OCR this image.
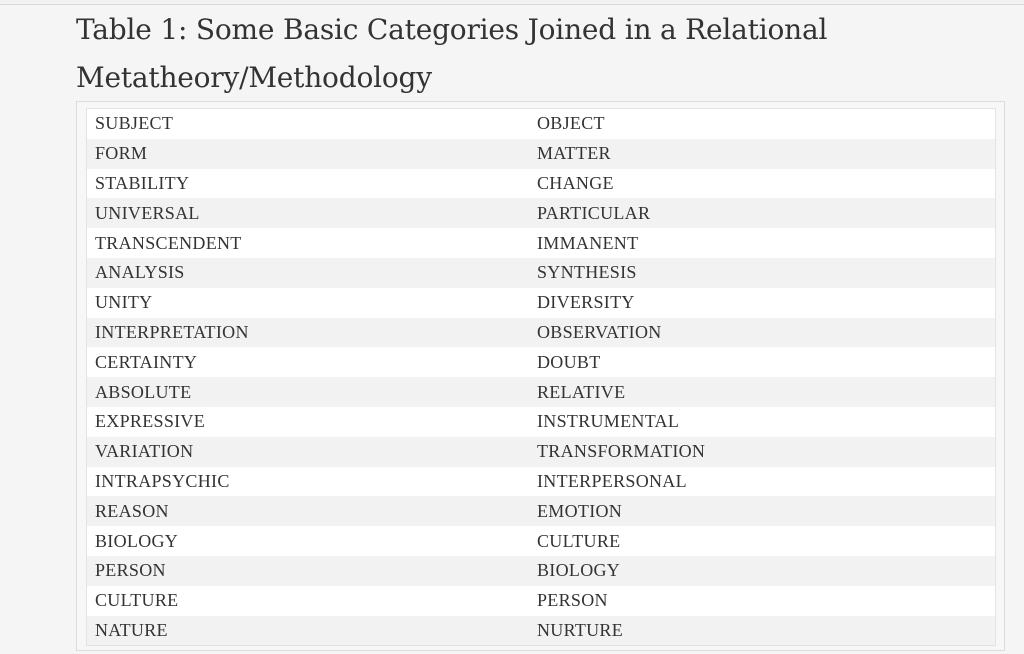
Table 1: Some Basic Categories Joined in a Relational Metatheory/Methodology
SUBJECT	OBJECT
FORM	MATTER
STABILITY	CHANGE
UNIVERSAL	PARTICULAR
TRANSCENDENT	IMMANENT
ANALYSIS	SYNTHESIS
UNITY	DIVERSITY
INTERPRETATION	OBSERVATION
CERTAINTY	DOUBT
ABSOLUTE	RELATIVE
EXPRESSIVE	INSTRUMENTAL
VARIATION	TRANSFORMATION
INTRAPSYCHIC	INTERPERSONAL
REASON	EMOTION
BIOLOGY	CULTURE
PERSON	BIOLOGY
CULTURE	PERSON
NATURE	NURTURE
